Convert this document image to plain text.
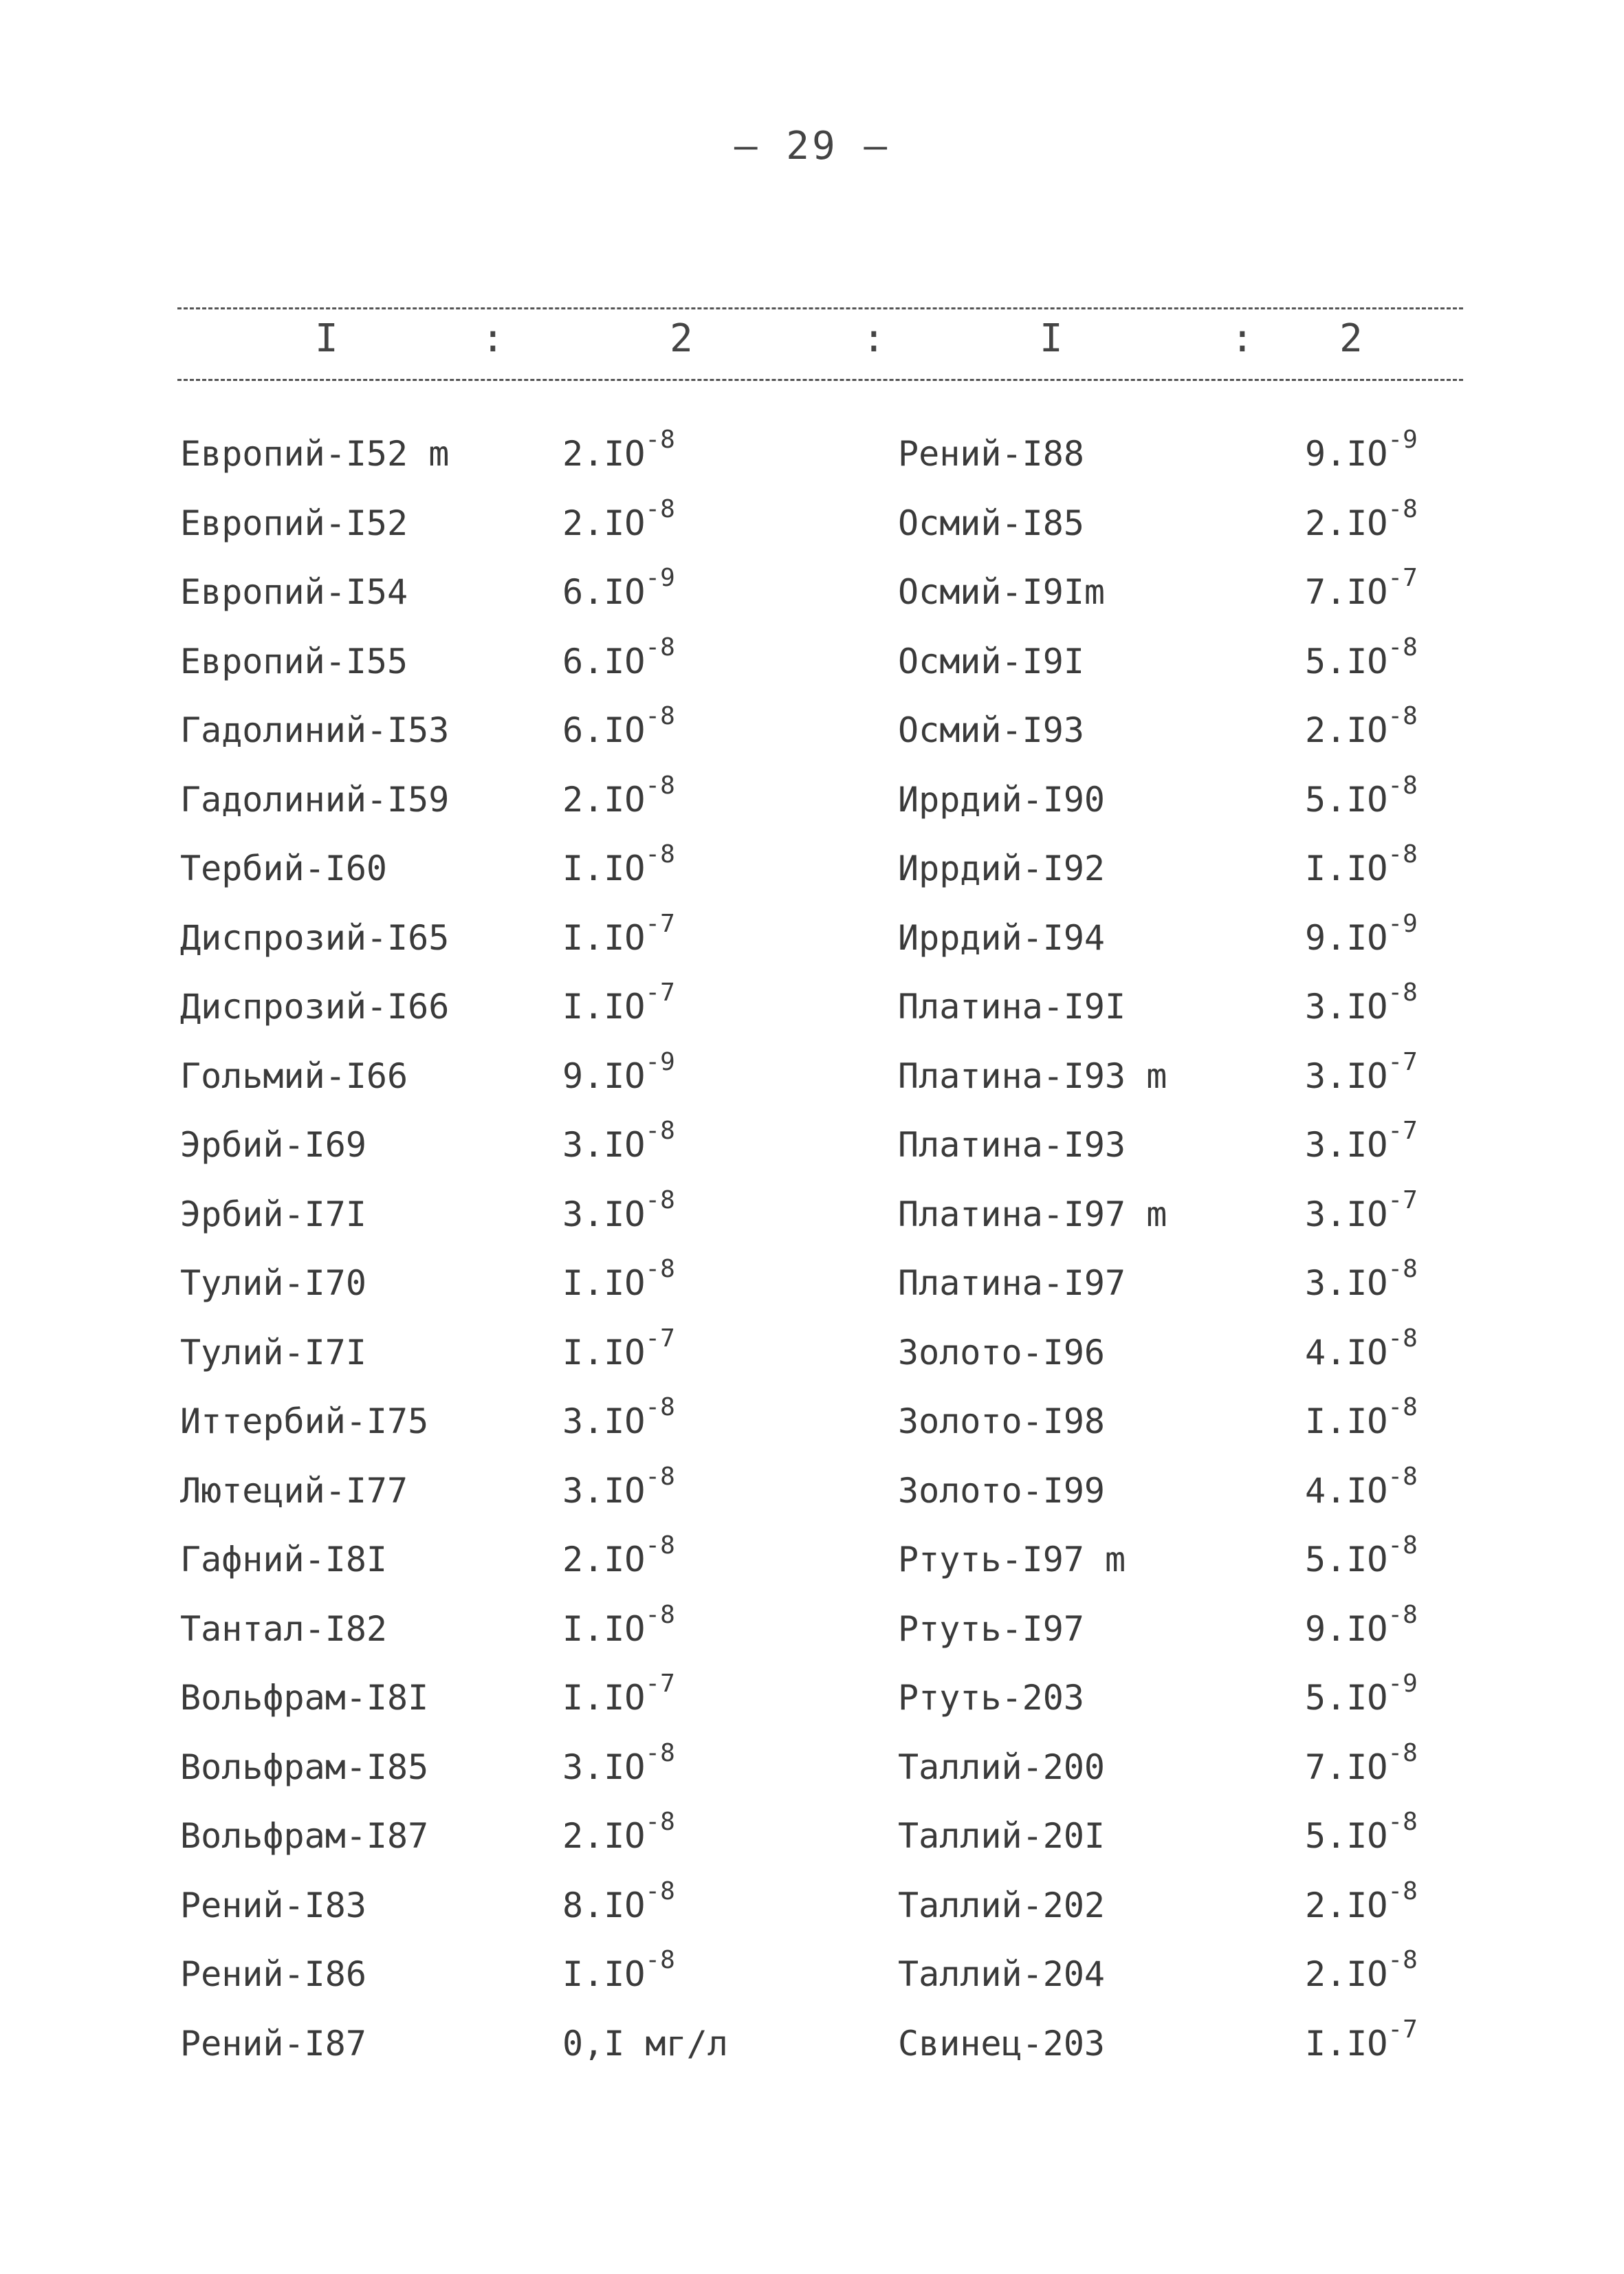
– 29 –
I	:	2	:	I	: 2
Европий-I52 m	$2.IO^{-8}$	Рений-I88	$9.IO^{-9}$
Европий-I52	$2.IO^{-8}$	Осмий-I85	$2.IO^{-8}$
Европий-I54	$6.IO^{-9}$	Осмий-I9Im	$7.IO^{-7}$
Европий-I55	$6.IO^{-8}$	Осмий-I9I	$5.IO^{-8}$
Гадолиний-I53	$6.IO^{-8}$	Осмий-I93	$2.IO^{-8}$
Гадолиний-I59	$2.IO^{-8}$	Иррдий-I90	$5.IO^{-8}$
Тербий-I60	$I.IO^{-8}$	Иррдий-I92	$I.IO^{-8}$
Диспрозий-I65	$I.IO^{-7}$	Иррдий-I94	$9.IO^{-9}$
Диспрозий-I66	$I.IO^{-7}$	Платина-I9I	$3.IO^{-8}$
Гольмий-I66	$9.IO^{-9}$	Платина-I93 m	$3.IO^{-7}$
Эрбий-I69	$3.IO^{-8}$	Платина-I93	$3.IO^{-7}$
Эрбий-I7I	$3.IO^{-8}$	Платина-I97 m	$3.IO^{-7}$
Тулий-I70	$I.IO^{-8}$	Платина-I97	$3.IO^{-8}$
Тулий-I7I	$I.IO^{-7}$	Золото-I96	$4.IO^{-8}$
Иттербий-I75	$3.IO^{-8}$	Золото-I98	$I.IO^{-8}$
Лютеций-I77	$3.IO^{-8}$	Золото-I99	$4.IO^{-8}$
Гафний-I8I	$2.IO^{-8}$	Ртуть-I97 m	$5.IO^{-8}$
Тантал-I82	$I.IO^{-8}$	Ртуть-I97	$9.IO^{-8}$
Вольфрам-I8I	$I.IO^{-7}$	Ртуть-203	$5.IO^{-9}$
Вольфрам-I85	$3.IO^{-8}$	Таллий-200	$7.IO^{-8}$
Вольфрам-I87	$2.IO^{-8}$	Таллий-20I	$5.IO^{-8}$
Рений-I83	$8.IO^{-8}$	Таллий-202	$2.IO^{-8}$
Рений-I86	$I.IO^{-8}$	Таллий-204	$2.IO^{-8}$
Рений-I87	0,I мг/л	Свинец-203	$I.IO^{-7}$
